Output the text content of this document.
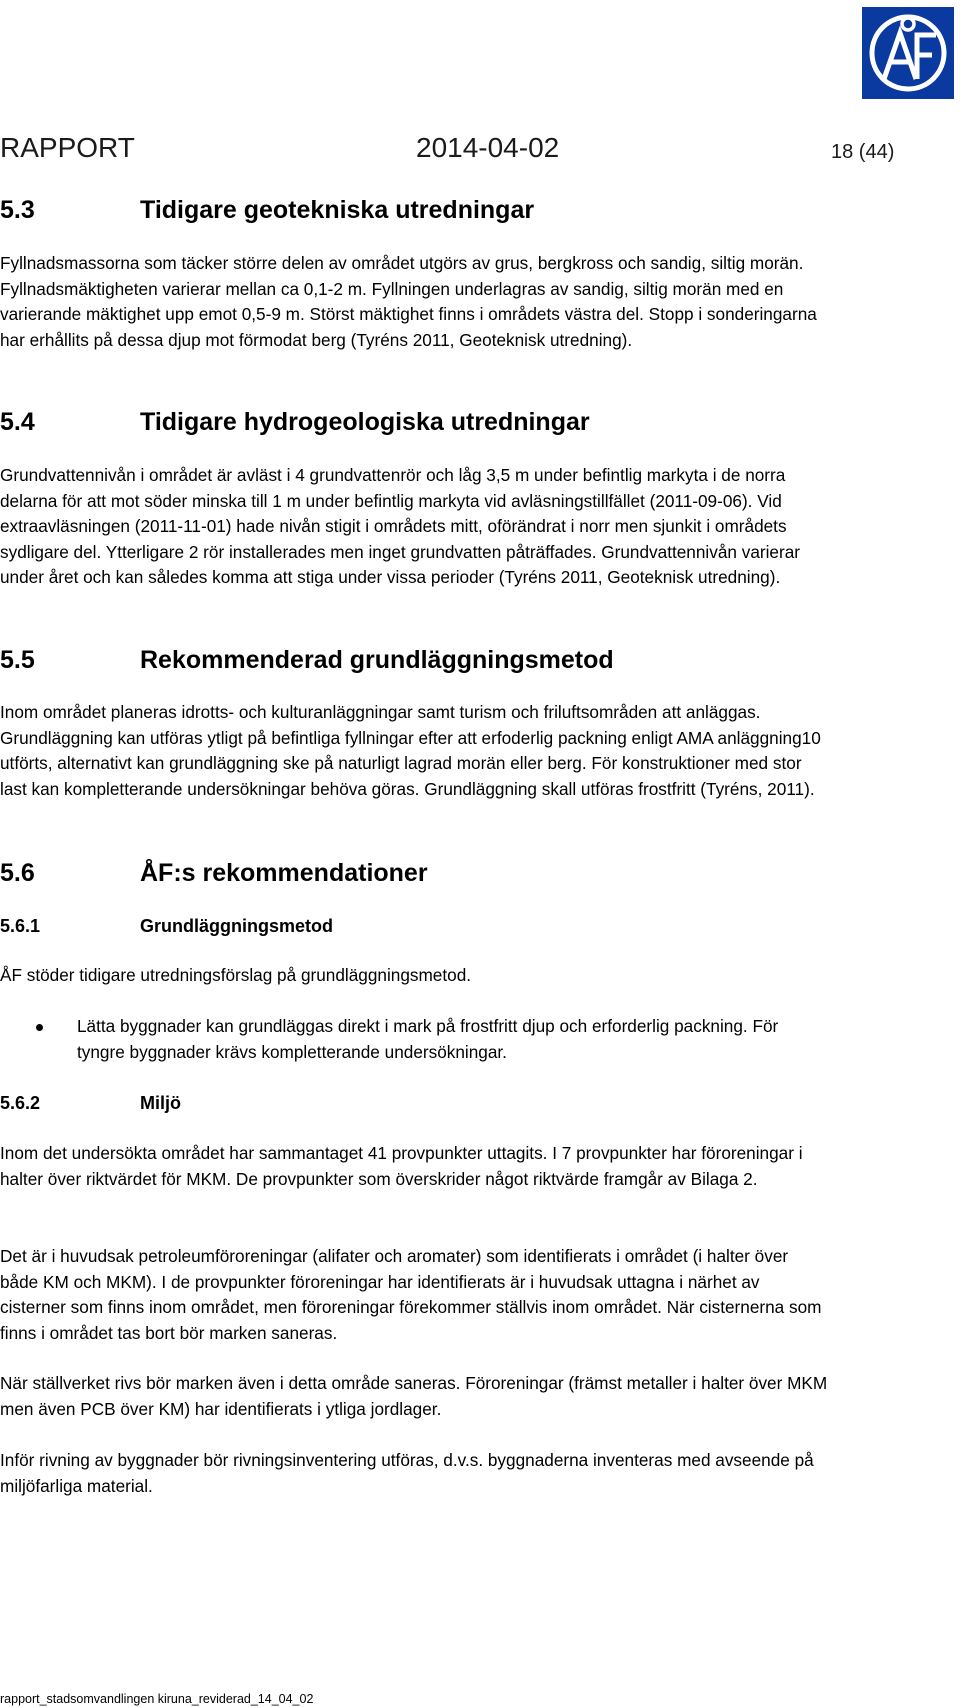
RAPPORT	2014-04-02	18 (44)
5.3	Tidigare geotekniska utredningar

Fyllnadsmassorna som täcker större delen av området utgörs av grus, bergkross och sandig, siltig morän. Fyllnadsmäktigheten varierar mellan ca 0,1-2 m. Fyllningen underlagras av sandig, siltig morän med en varierande mäktighet upp emot 0,5-9 m. Störst mäktighet finns i områdets västra del. Stopp i sonderingarna har erhållits på dessa djup mot förmodat berg (Tyréns 2011, Geoteknisk utredning).

5.4	Tidigare hydrogeologiska utredningar

Grundvattennivån i området är avläst i 4 grundvattenrör och låg 3,5 m under befintlig markyta i de norra delarna för att mot söder minska till 1 m under befintlig markyta vid avläsningstillfället (2011-09-06). Vid extraavläsningen (2011-11-01) hade nivån stigit i områdets mitt, oförändrat i norr men sjunkit i områdets sydligare del. Ytterligare 2 rör installerades men inget grundvatten påträffades. Grundvattennivån varierar under året och kan således komma att stiga under vissa perioder (Tyréns 2011, Geoteknisk utredning).

5.5	Rekommenderad grundläggningsmetod

Inom området planeras idrotts- och kulturanläggningar samt turism och friluftsområden att anläggas. Grundläggning kan utföras ytligt på befintliga fyllningar efter att erfoderlig packning enligt AMA anläggning10 utförts, alternativt kan grundläggning ske på naturligt lagrad morän eller berg. För konstruktioner med stor last kan kompletterande undersökningar behöva göras. Grundläggning skall utföras frostfritt (Tyréns, 2011).

5.6	ÅF:s rekommendationer
5.6.1	Grundläggningsmetod

ÅF stöder tidigare utredningsförslag på grundläggningsmetod.

Lätta byggnader kan grundläggas direkt i mark på frostfritt djup och erforderlig packning. För tyngre byggnader krävs kompletterande undersökningar.
5.6.2	Miljö

Inom det undersökta området har sammantaget 41 provpunkter uttagits. I 7 provpunkter har föroreningar i halter över riktvärdet för MKM. De provpunkter som överskrider något riktvärde framgår av Bilaga 2.

Det är i huvudsak petroleumföroreningar (alifater och aromater) som identifierats i området (i halter över både KM och MKM). I de provpunkter föroreningar har identifierats är i huvudsak uttagna i närhet av cisterner som finns inom området, men föroreningar förekommer ställvis inom området. När cisternerna som finns i området tas bort bör marken saneras.

När ställverket rivs bör marken även i detta område saneras. Föroreningar (främst metaller i halter över MKM men även PCB över KM) har identifierats i ytliga jordlager.

Inför rivning av byggnader bör rivningsinventering utföras, d.v.s. byggnaderna inventeras med avseende på miljöfarliga material.

rapport_stadsomvandlingen kiruna_reviderad_14_04_02
